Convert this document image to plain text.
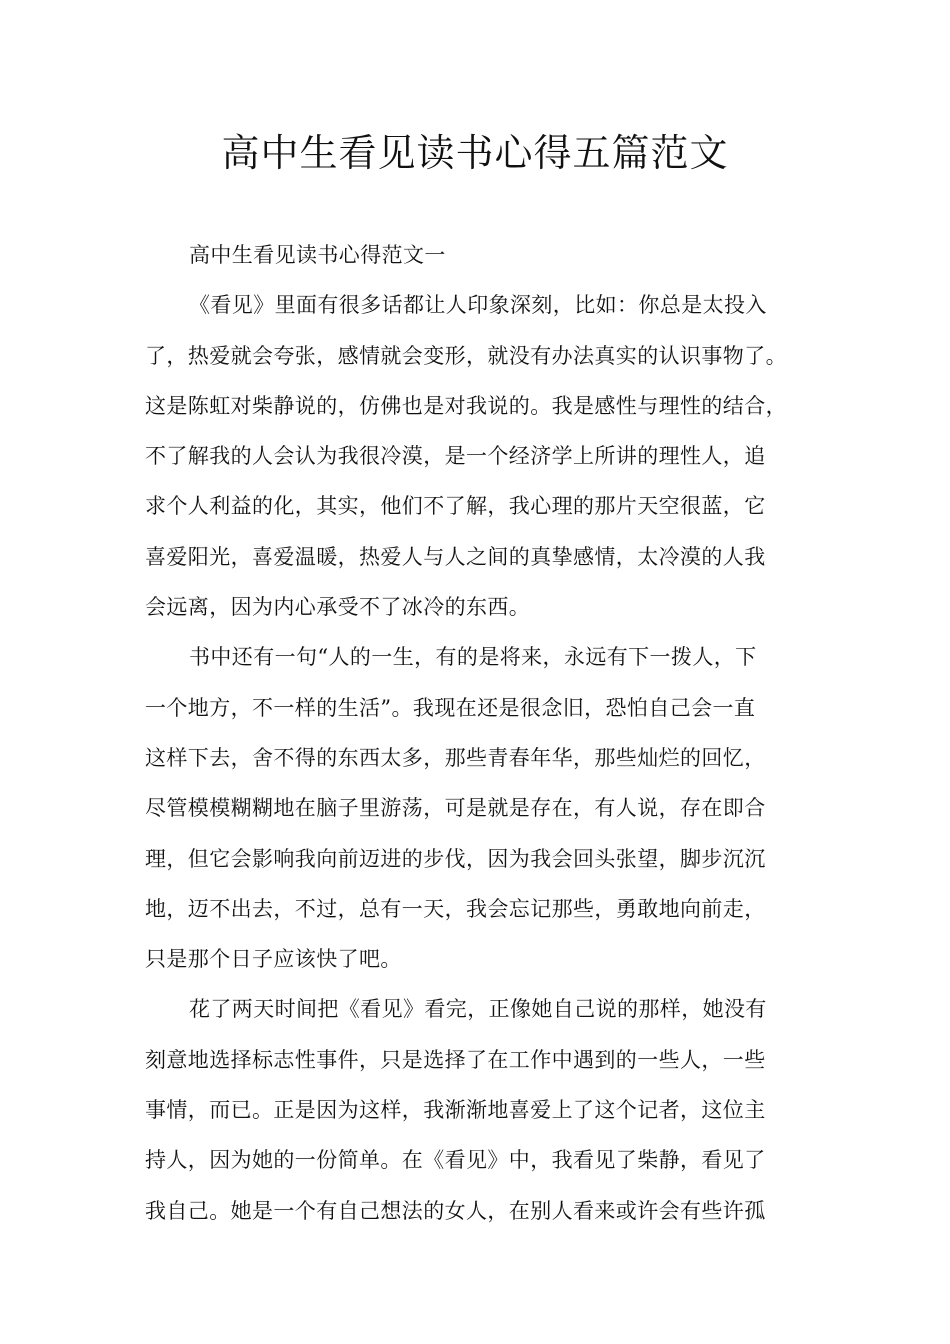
高中生看见读书心得五篇范文
高中生看见读书心得范文一
《看见》里面有很多话都让人印象深刻，比如：你总是太投入
了，热爱就会夸张，感情就会变形，就没有办法真实的认识事物了。
这是陈虹对柴静说的，仿佛也是对我说的。我是感性与理性的结合，
不了解我的人会认为我很冷漠，是一个经济学上所讲的理性人，追
求个人利益的化，其实，他们不了解，我心理的那片天空很蓝，它
喜爱阳光，喜爱温暖，热爱人与人之间的真挚感情，太冷漠的人我
会远离，因为内心承受不了冰冷的东西。
书中还有一句“人的一生，有的是将来，永远有下一拨人，下
一个地方，不一样的生活”。我现在还是很念旧，恐怕自己会一直
这样下去，舍不得的东西太多，那些青春年华，那些灿烂的回忆，
尽管模模糊糊地在脑子里游荡，可是就是存在，有人说，存在即合
理，但它会影响我向前迈进的步伐，因为我会回头张望，脚步沉沉
地，迈不出去，不过，总有一天，我会忘记那些，勇敢地向前走，
只是那个日子应该快了吧。
花了两天时间把《看见》看完，正像她自己说的那样，她没有
刻意地选择标志性事件，只是选择了在工作中遇到的一些人，一些
事情，而已。正是因为这样，我渐渐地喜爱上了这个记者，这位主
持人，因为她的一份简单。在《看见》中，我看见了柴静，看见了
我自己。她是一个有自己想法的女人，在别人看来或许会有些许孤
